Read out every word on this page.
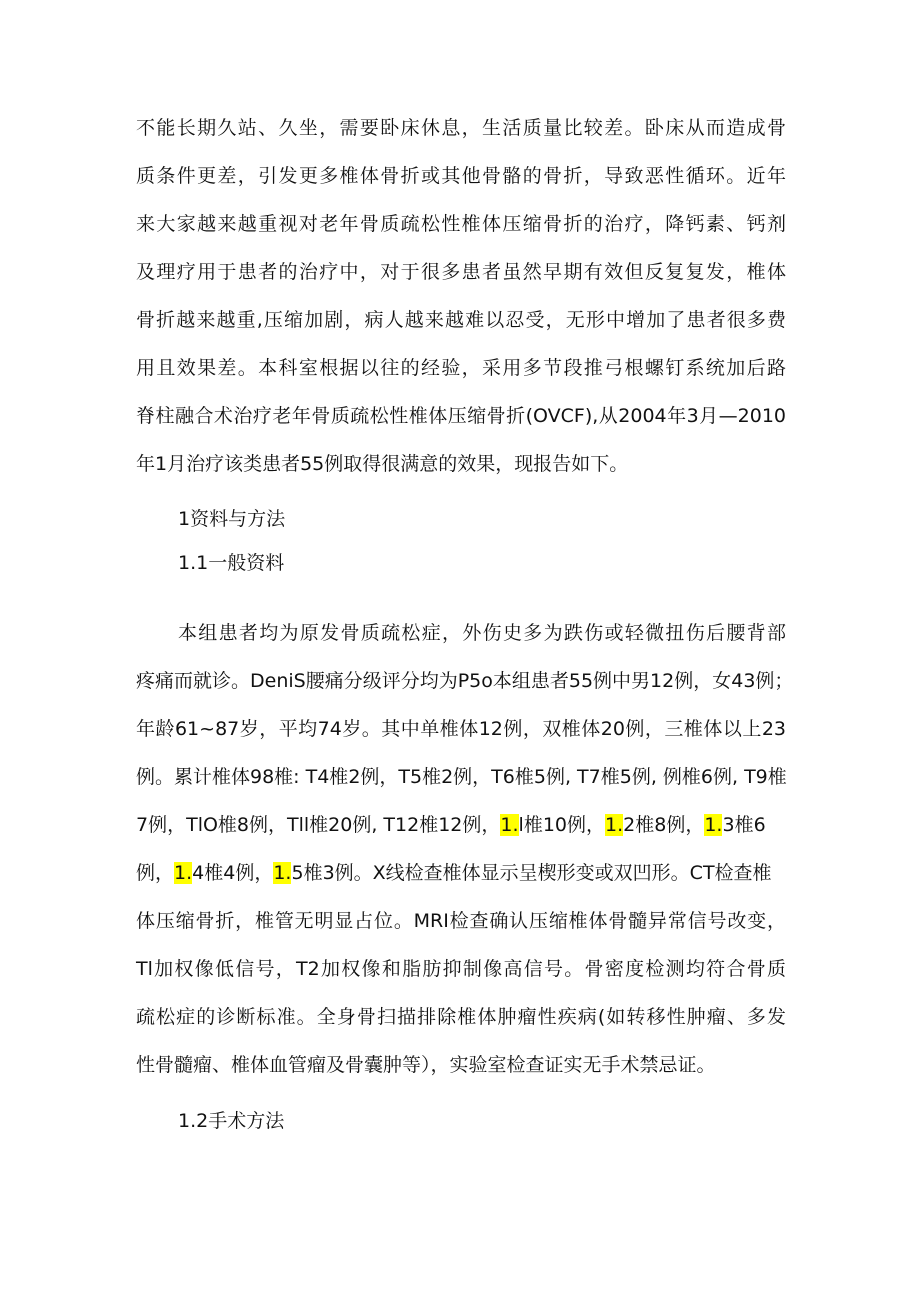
不能长期久站、久坐，需要卧床休息，生活质量比较差。卧床从而造成骨
质条件更差，引发更多椎体骨折或其他骨骼的骨折，导致恶性循环。近年
来大家越来越重视对老年骨质疏松性椎体压缩骨折的治疗，降钙素、钙剂
及理疗用于患者的治疗中，对于很多患者虽然早期有效但反复复发，椎体
骨折越来越重,压缩加剧，病人越来越难以忍受，无形中增加了患者很多费
用且效果差。本科室根据以往的经验，采用多节段推弓根螺钉系统加后路
脊柱融合术治疗老年骨质疏松性椎体压缩骨折(OVCF),从2004年3月—2010
年1月治疗该类患者55例取得很满意的效果，现报告如下。
1资料与方法
1.1一般资料
本组患者均为原发骨质疏松症，外伤史多为跌伤或轻微扭伤后腰背部
疼痛而就诊。DeniS腰痛分级评分均为P5o本组患者55例中男12例，女43例；
年龄61~87岁，平均74岁。其中单椎体12例，双椎体20例，三椎体以上23
例。累计椎体98椎: T4椎2例，T5椎2例，T6椎5例, T7椎5例, 例椎6例, T9椎
7例，TlO椎8例，Tll椎20例, T12椎12例，1.l椎10例，1.2椎8例，1.3椎6
例，1.4椎4例，1.5椎3例。X线检查椎体显示呈楔形变或双凹形。CT检查椎
体压缩骨折，椎管无明显占位。MRI检查确认压缩椎体骨髓异常信号改变，
Tl加权像低信号，T2加权像和脂肪抑制像高信号。骨密度检测均符合骨质
疏松症的诊断标准。全身骨扫描排除椎体肿瘤性疾病(如转移性肿瘤、多发
性骨髓瘤、椎体血管瘤及骨囊肿等），实验室检查证实无手术禁忌证。
1.2手术方法
